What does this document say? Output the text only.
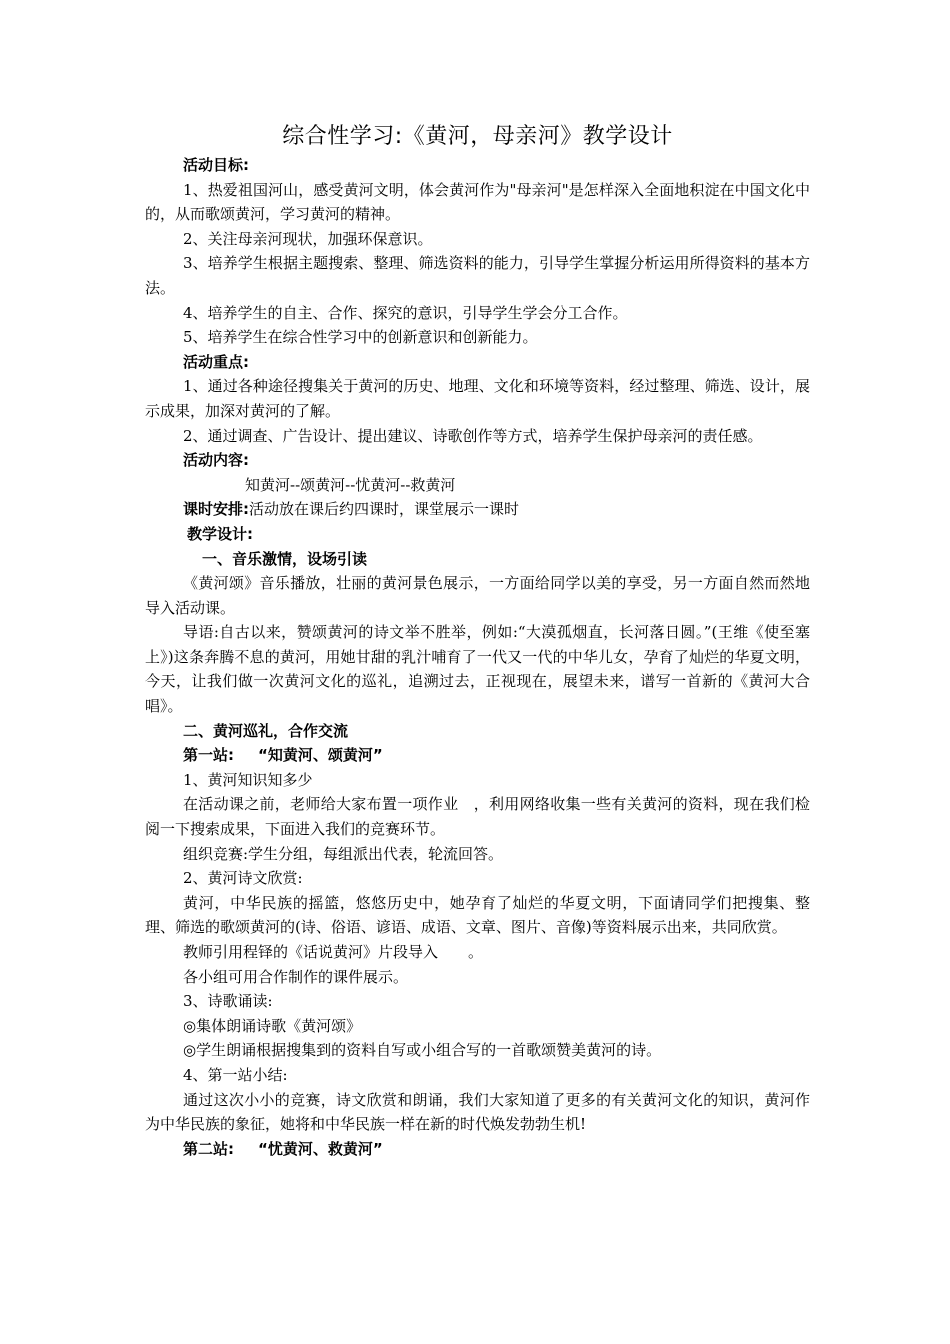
综合性学习:《黄河，母亲河》教学设计

活动目标:

1、热爱祖国河山，感受黄河文明，体会黄河作为"母亲河"是怎样深入全面地积淀在中国文化中的，从而歌颂黄河，学习黄河的精神。

2、关注母亲河现状，加强环保意识。

3、培养学生根据主题搜索、整理、筛选资料的能力，引导学生掌握分析运用所得资料的基本方法。

4、培养学生的自主、合作、探究的意识，引导学生学会分工合作。

5、培养学生在综合性学习中的创新意识和创新能力。

活动重点:

1、通过各种途径搜集关于黄河的历史、地理、文化和环境等资料，经过整理、筛选、设计，展示成果，加深对黄河的了解。

2、通过调查、广告设计、提出建议、诗歌创作等方式，培养学生保护母亲河的责任感。

活动内容:

知黄河--颂黄河--忧黄河--救黄河

课时安排:活动放在课后约四课时，课堂展示一课时

教学设计:

一、音乐激情，设场引读

《黄河颂》音乐播放，壮丽的黄河景色展示，一方面给同学以美的享受，另一方面自然而然地导入活动课。

导语:自古以来，赞颂黄河的诗文举不胜举，例如:“大漠孤烟直，长河落日圆。”(王维《使至塞上》)这条奔腾不息的黄河，用她甘甜的乳汁哺育了一代又一代的中华儿女，孕育了灿烂的华夏文明，今天，让我们做一次黄河文化的巡礼，追溯过去，正视现在，展望未来，谱写一首新的《黄河大合唱》。

二、黄河巡礼，合作交流

第一站: “知黄河、颂黄河”

1、黄河知识知多少

在活动课之前，老师给大家布置一项作业　，利用网络收集一些有关黄河的资料，现在我们检阅一下搜索成果，下面进入我们的竞赛环节。

组织竞赛:学生分组，每组派出代表，轮流回答。

2、黄河诗文欣赏:

黄河，中华民族的摇篮，悠悠历史中，她孕育了灿烂的华夏文明，下面请同学们把搜集、整理、筛选的歌颂黄河的(诗、俗语、谚语、成语、文章、图片、音像)等资料展示出来，共同欣赏。

教师引用程铎的《话说黄河》片段导入　　。

各小组可用合作制作的课件展示。

3、诗歌诵读:

◎集体朗诵诗歌《黄河颂》

◎学生朗诵根据搜集到的资料自写或小组合写的一首歌颂赞美黄河的诗。

4、第一站小结:

通过这次小小的竞赛，诗文欣赏和朗诵，我们大家知道了更多的有关黄河文化的知识，黄河作为中华民族的象征，她将和中华民族一样在新的时代焕发勃勃生机!

第二站: “忧黄河、救黄河”
